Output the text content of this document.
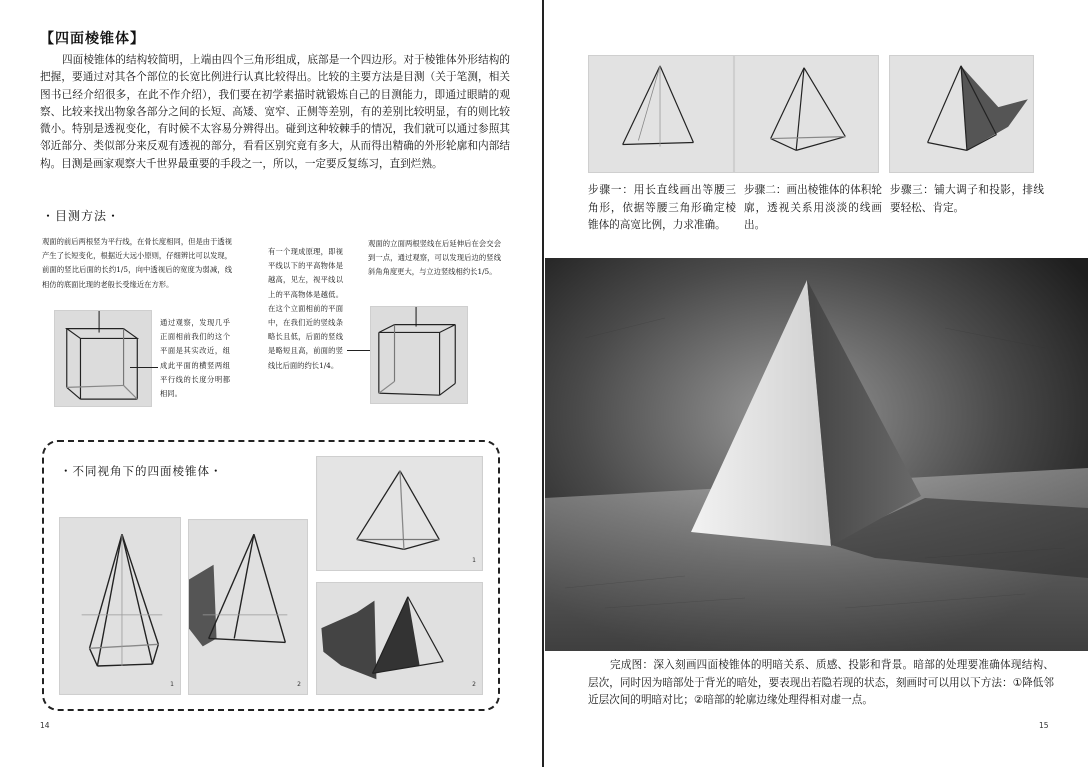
【四面棱锥体】
四面棱锥体的结构较简明，上端由四个三角形组成，底部是一个四边形。对于棱锥体外形结构的把握，要通过对其各个部位的长宽比例进行认真比较得出。比较的主要方法是目测（关于笔测，相关图书已经介绍很多，在此不作介绍），我们要在初学素描时就锻炼自己的目测能力，即通过眼睛的观察、比较来找出物象各部分之间的长短、高矮、宽窄、正侧等差别，有的差别比较明显，有的则比较微小。特别是透视变化，有时候不太容易分辨得出。碰到这种较棘手的情况，我们就可以通过参照其邻近部分、类似部分来反观有透视的部分，看看区别究竟有多大，从而得出精确的外形轮廓和内部结构。目测是画家观察大千世界最重要的手段之一，所以，一定要反复练习，直到烂熟。
・目测方法・
观面的前后两根竖为平行线，在骨长度相同，但是由于透视产生了长短变化，根据近大远小原则，仔细辨比可以发现，前面的竖比后面的长约1/5，向中透视后的宽度为弱减，线相仿的底面比现的老般长受缘近在方形。
通过观察，发现几乎正面相前我们的这个平面是其实改近，组成此平面的横竖两组平行线的长度分明都相同。
有一个现成原理，即视平线以下的平高物体是越高，见左，视平线以上的平高物体是越低。在这个立面相前的平面中，在我们近的竖线条略长且低，后面的竖线是略短且高，前面的竖线比后面的约长1/4。
观面的立面两根竖线在后延伸后在会交会到一点，通过观察，可以发现后边的竖线斜角角度更大，与立边竖线相约长1/5。
・不同视角下的四面棱锥体・
1	2
1
2
14
步骤一：用长直线画出等腰三角形，依据等腰三角形确定棱锥体的高宽比例，力求准确。
步骤二：画出棱锥体的体积轮廓，透视关系用淡淡的线画出。
步骤三：铺大调子和投影，排线要轻松、肯定。
15
完成图：深入刻画四面棱锥体的明暗关系、质感、投影和背景。暗部的处理要准确体现结构、层次，同时因为暗部处于背光的暗处，要表现出若隐若现的状态，刻画时可以用以下方法：①降低邻近层次间的明暗对比；②暗部的轮廓边缘处理得相对虚一点。
